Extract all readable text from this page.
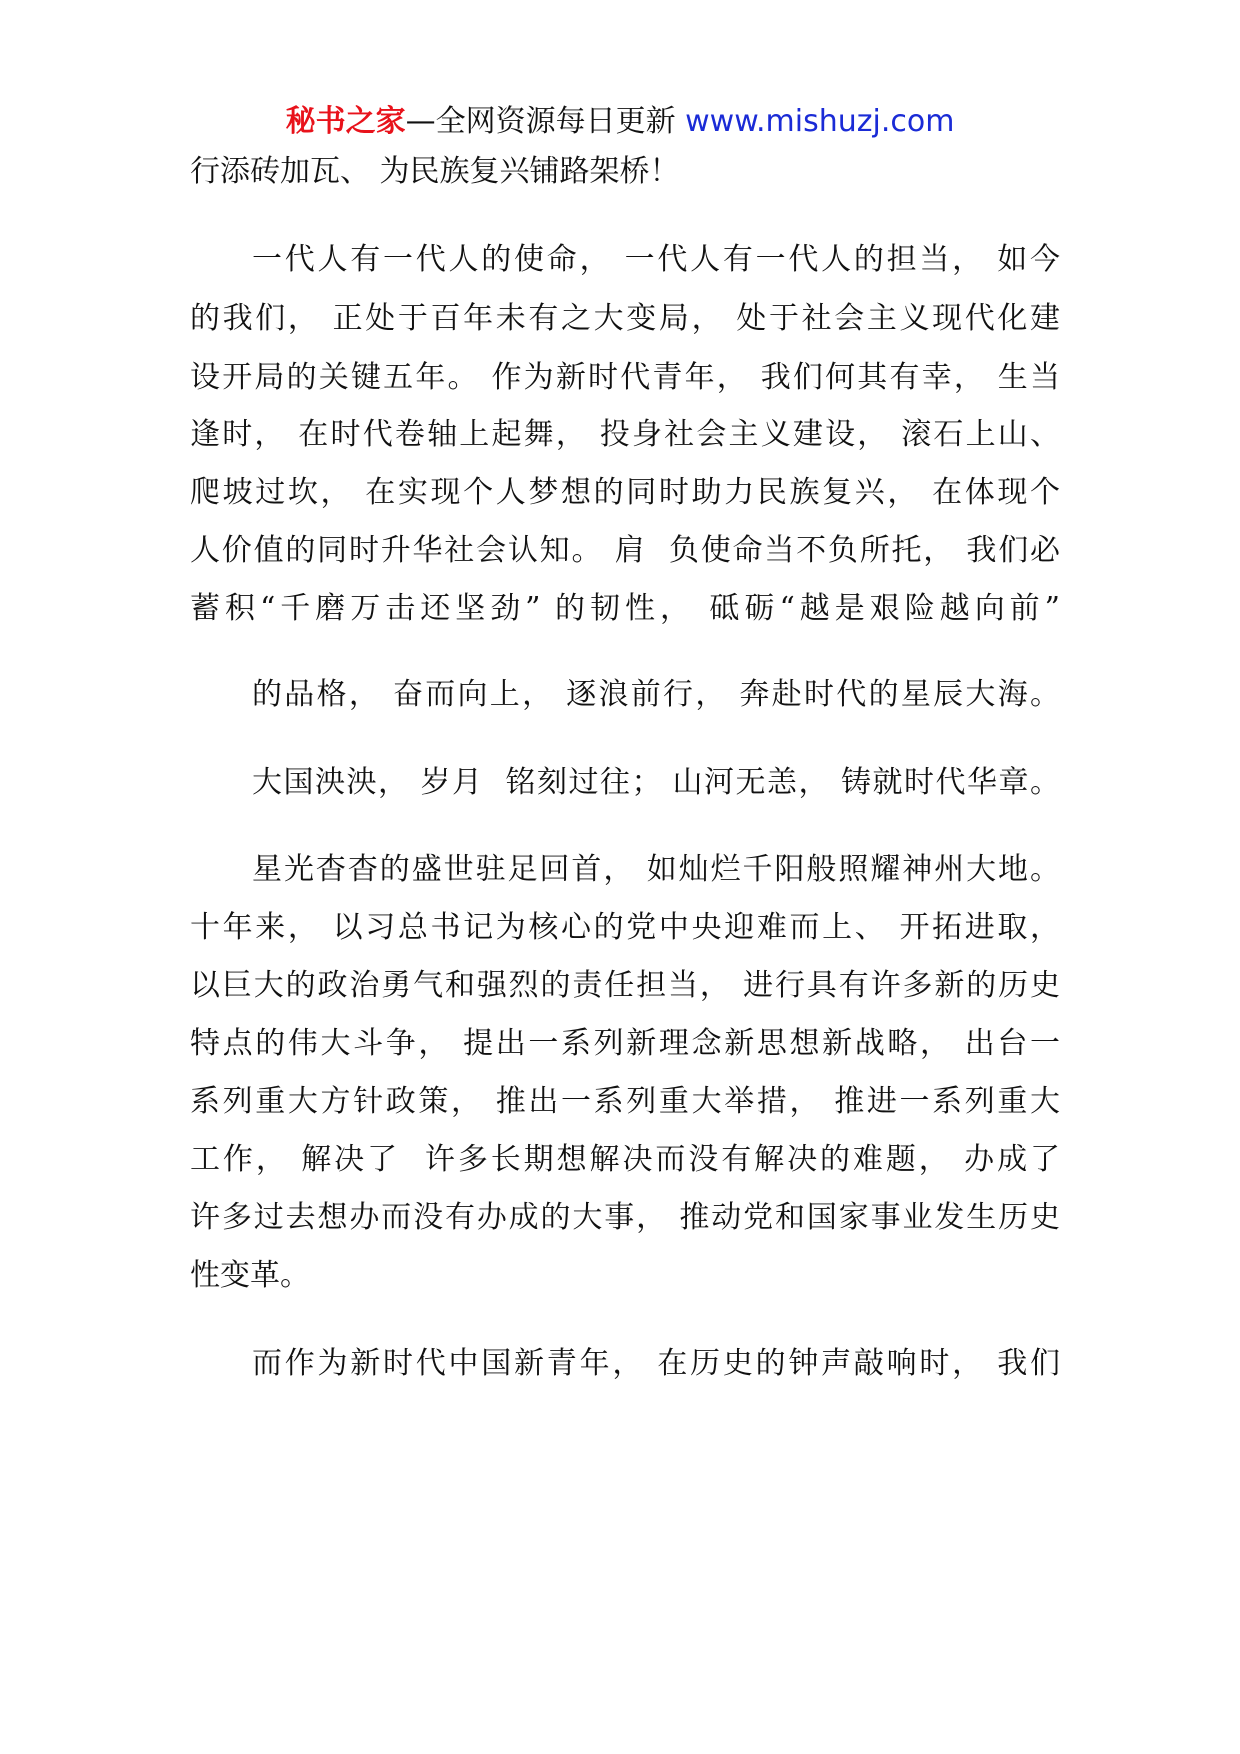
秘书之家—全网资源每日更新 www.mishuzj.com
行添砖加瓦、 为民族复兴铺路架桥！
一代人有一代人的使命， 一代人有一代人的担当， 如今
的我们， 正处于百年未有之大变局， 处于社会主义现代化建
设开局的关键五年。 作为新时代青年， 我们何其有幸， 生当
逢时， 在时代卷轴上起舞， 投身社会主义建设， 滚石上山、
爬坡过坎， 在实现个人梦想的同时助力民族复兴， 在体现个
人价值的同时升华社会认知。 肩  负使命当不负所托， 我们必
蓄积“千磨万击还坚劲” 的韧性， 砥砺“越是艰险越向前”
的品格， 奋而向上， 逐浪前行， 奔赴时代的星辰大海。
大国泱泱， 岁月  铭刻过往； 山河无恙， 铸就时代华章。
星光杳杳的盛世驻足回首， 如灿烂千阳般照耀神州大地。
十年来， 以习总书记为核心的党中央迎难而上、 开拓进取，
以巨大的政治勇气和强烈的责任担当， 进行具有许多新的历史
特点的伟大斗争， 提出一系列新理念新思想新战略， 出台一
系列重大方针政策， 推出一系列重大举措， 推进一系列重大
工作， 解决了  许多长期想解决而没有解决的难题， 办成了
许多过去想办而没有办成的大事， 推动党和国家事业发生历史
性变革。
而作为新时代中国新青年， 在历史的钟声敲响时， 我们
